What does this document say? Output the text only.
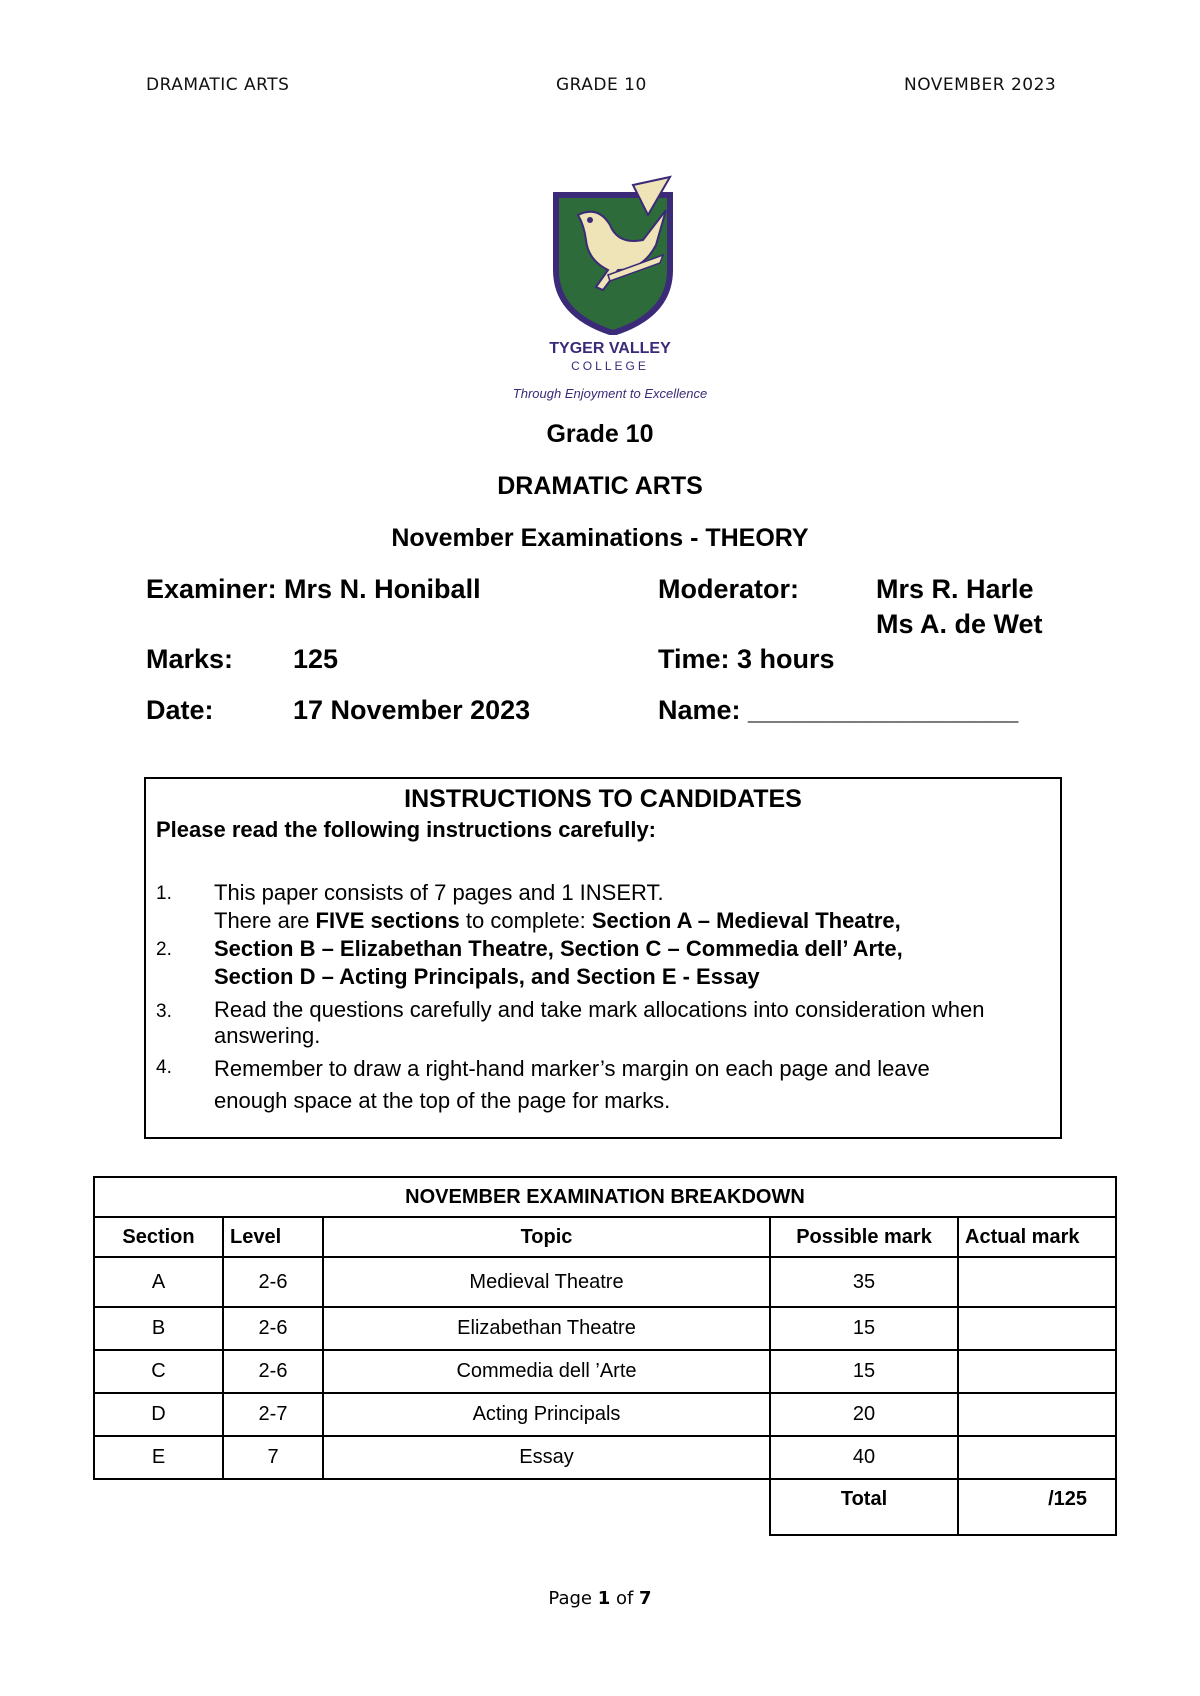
DRAMATIC ARTS	GRADE 10	NOVEMBER 2023
TYGER VALLEY
COLLEGE
Through Enjoyment to Excellence
Grade 10
DRAMATIC ARTS
November Examinations - THEORY
Examiner: Mrs N. Honiball	Moderator:	Mrs R. Harle
Ms A. de Wet
Marks: 125	Time: 3 hours
Date:	17 November 2023	Name: __________________
INSTRUCTIONS TO CANDIDATES
Please read the following instructions carefully:
1. This paper consists of 7 pages and 1 INSERT.
2.
There are FIVE sections to complete: Section A – Medieval Theatre,
Section B – Elizabethan Theatre, Section C – Commedia dell’ Arte,
Section D – Acting Principals, and Section E - Essay
3. Read the questions carefully and take mark allocations into consideration when answering.
4. Remember to draw a right-hand marker’s margin on each page and leave
enough space at the top of the page for marks.
NOVEMBER EXAMINATION BREAKDOWN				
Section	Level	Topic	Possible mark	Actual mark
A	2-6	Medieval Theatre	35	
B	2-6	Elizabethan Theatre	15	
C	2-6	Commedia dell ’Arte	15	
D	2-7	Acting Principals	20	
E	7	Essay	40	
			Total	/125
Page 1 of 7
